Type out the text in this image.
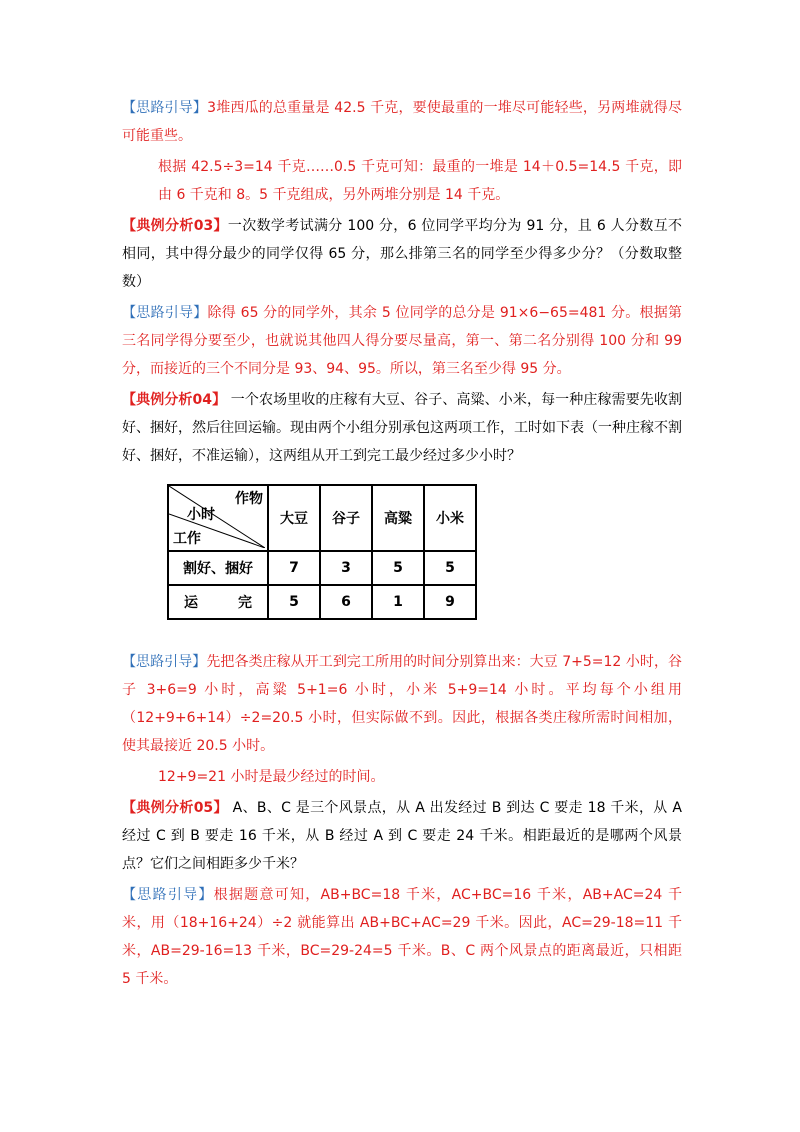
【思路引导】3堆西瓜的总重量是 42.5 千克，要使最重的一堆尽可能轻些，另两堆就得尽可能重些。

根据 42.5÷3=14 千克……0.5 千克可知：最重的一堆是 14＋0.5=14.5 千克，即由 6 千克和 8。5 千克组成，另外两堆分别是 14 千克。

【典例分析03】一次数学考试满分 100 分，6 位同学平均分为 91 分，且 6 人分数互不相同，其中得分最少的同学仅得 65 分，那么排第三名的同学至少得多少分？（分数取整数）

【思路引导】除得 65 分的同学外，其余 5 位同学的总分是 91×6−65=481 分。根据第三名同学得分要至少，也就说其他四人得分要尽量高，第一、第二名分别得 100 分和 99 分，而接近的三个不同分是 93、94、95。所以，第三名至少得 95 分。

【典例分析04】 一个农场里收的庄稼有大豆、谷子、高粱、小米，每一种庄稼需要先收割好、捆好，然后往回运输。现由两个小组分别承包这两项工作，工时如下表（一种庄稼不割好、捆好，不准运输），这两组从开工到完工最少经过多少小时？

作物
小时
工作	大豆	谷子	高粱	小米
割好、捆好	7	3	5	5

运 完	5	6	1	9

【思路引导】先把各类庄稼从开工到完工所用的时间分别算出来：大豆 7+5=12 小时，谷子 3+6=9 小时，高粱 5+1=6 小时，小米 5+9=14 小时。平均每个小组用（12+9+6+14）÷2=20.5 小时，但实际做不到。因此，根据各类庄稼所需时间相加，使其最接近 20.5 小时。

12+9=21 小时是最少经过的时间。

【典例分析05】 A、B、C 是三个风景点，从 A 出发经过 B 到达 C 要走 18 千米，从 A 经过 C 到 B 要走 16 千米，从 B 经过 A 到 C 要走 24 千米。相距最近的是哪两个风景点？它们之间相距多少千米？

【思路引导】根据题意可知，AB+BC=18 千米，AC+BC=16 千米，AB+AC=24 千米，用（18+16+24）÷2 就能算出 AB+BC+AC=29 千米。因此，AC=29-18=11 千米，AB=29-16=13 千米，BC=29-24=5 千米。B、C 两个风景点的距离最近，只相距 5 千米。
